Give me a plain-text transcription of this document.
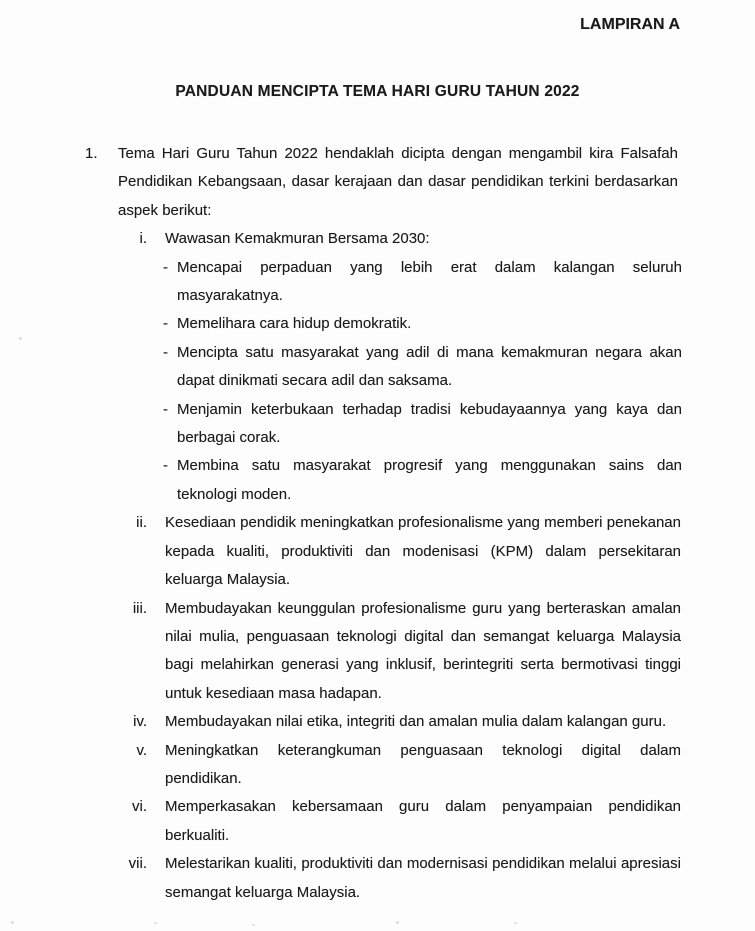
LAMPIRAN A
PANDUAN MENCIPTA TEMA HARI GURU TAHUN 2022
1.	Tema Hari Guru Tahun 2022 hendaklah dicipta dengan mengambil kira Falsafah Pendidikan Kebangsaan, dasar kerajaan dan dasar pendidikan terkini berdasarkan aspek berikut:
i.	Wawasan Kemakmuran Bersama 2030:
- Mencapai perpaduan yang lebih erat dalam kalangan seluruh masyarakatnya.
- Memelihara cara hidup demokratik.
- Mencipta satu masyarakat yang adil di mana kemakmuran negara akan dapat dinikmati secara adil dan saksama.
- Menjamin keterbukaan terhadap tradisi kebudayaannya yang kaya dan berbagai corak.
- Membina satu masyarakat progresif yang menggunakan sains dan teknologi moden.
ii.	Kesediaan pendidik meningkatkan profesionalisme yang memberi penekanan kepada kualiti, produktiviti dan modenisasi (KPM) dalam persekitaran keluarga Malaysia.
iii.	Membudayakan keunggulan profesionalisme guru yang berteraskan amalan nilai mulia, penguasaan teknologi digital dan semangat keluarga Malaysia bagi melahirkan generasi yang inklusif, berintegriti serta bermotivasi tinggi untuk kesediaan masa hadapan.
iv.	Membudayakan nilai etika, integriti dan amalan mulia dalam kalangan guru.
v.	Meningkatkan keterangkuman penguasaan teknologi digital dalam pendidikan.
vi.	Memperkasakan kebersamaan guru dalam penyampaian pendidikan berkualiti.
vii.	Melestarikan kualiti, produktiviti dan modernisasi pendidikan melalui apresiasi semangat keluarga Malaysia.
